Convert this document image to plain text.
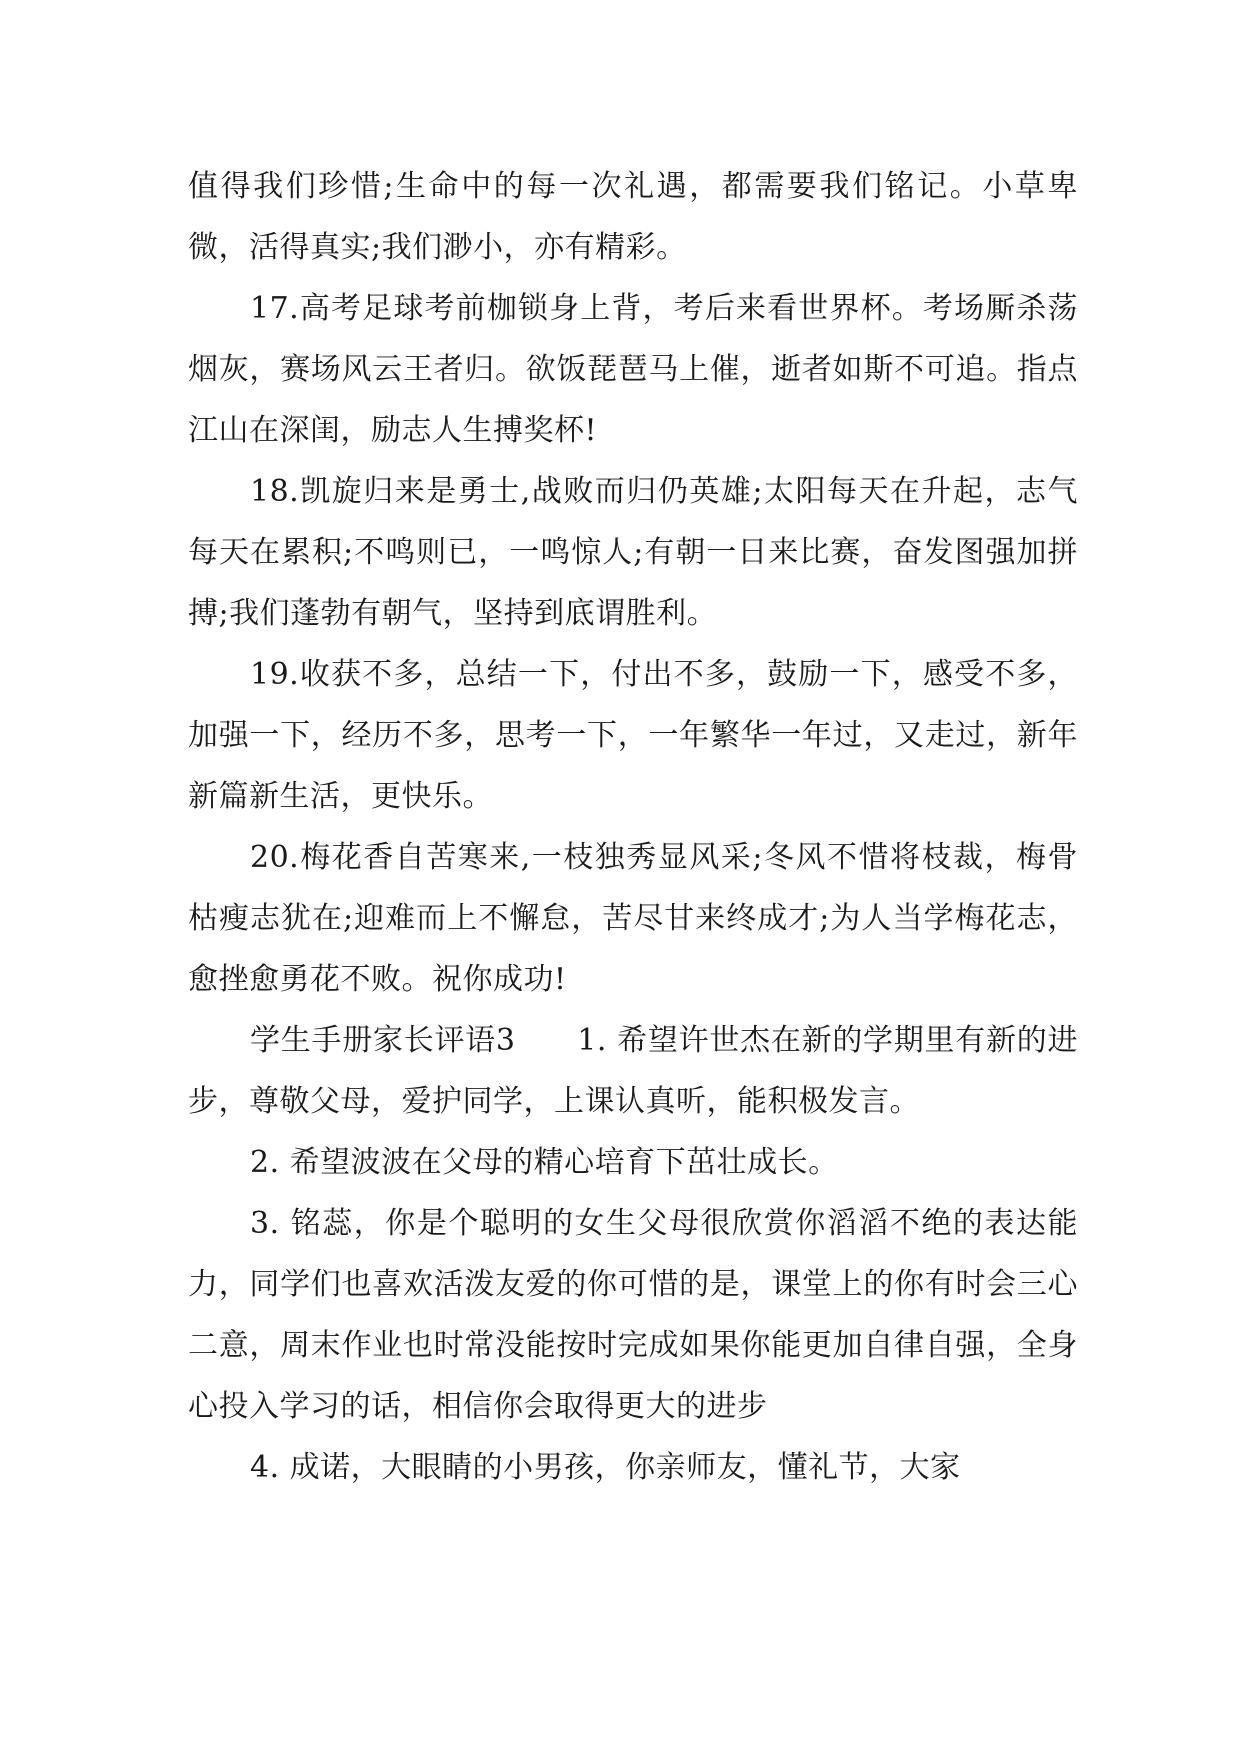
值得我们珍惜;生命中的每一次礼遇，都需要我们铭记。小草卑微，活得真实;我们渺小，亦有精彩。

17.高考足球考前枷锁身上背，考后来看世界杯。考场厮杀荡烟灰，赛场风云王者归。欲饭琵琶马上催，逝者如斯不可追。指点江山在深闺，励志人生搏奖杯!

18.凯旋归来是勇士,战败而归仍英雄;太阳每天在升起，志气每天在累积;不鸣则已，一鸣惊人;有朝一日来比赛，奋发图强加拼搏;我们蓬勃有朝气，坚持到底谓胜利。

19.收获不多，总结一下，付出不多，鼓励一下，感受不多，加强一下，经历不多，思考一下，一年繁华一年过，又走过，新年新篇新生活，更快乐。

20.梅花香自苦寒来,一枝独秀显风采;冬风不惜将枝裁，梅骨枯瘦志犹在;迎难而上不懈怠，苦尽甘来终成才;为人当学梅花志，愈挫愈勇花不败。祝你成功!

学生手册家长评语3　　1. 希望许世杰在新的学期里有新的进步，尊敬父母，爱护同学，上课认真听，能积极发言。

2. 希望波波在父母的精心培育下茁壮成长。

3. 铭蕊，你是个聪明的女生父母很欣赏你滔滔不绝的表达能力，同学们也喜欢活泼友爱的你可惜的是，课堂上的你有时会三心二意，周末作业也时常没能按时完成如果你能更加自律自强，全身心投入学习的话，相信你会取得更大的进步

4. 成诺，大眼睛的小男孩，你亲师友，懂礼节，大家
